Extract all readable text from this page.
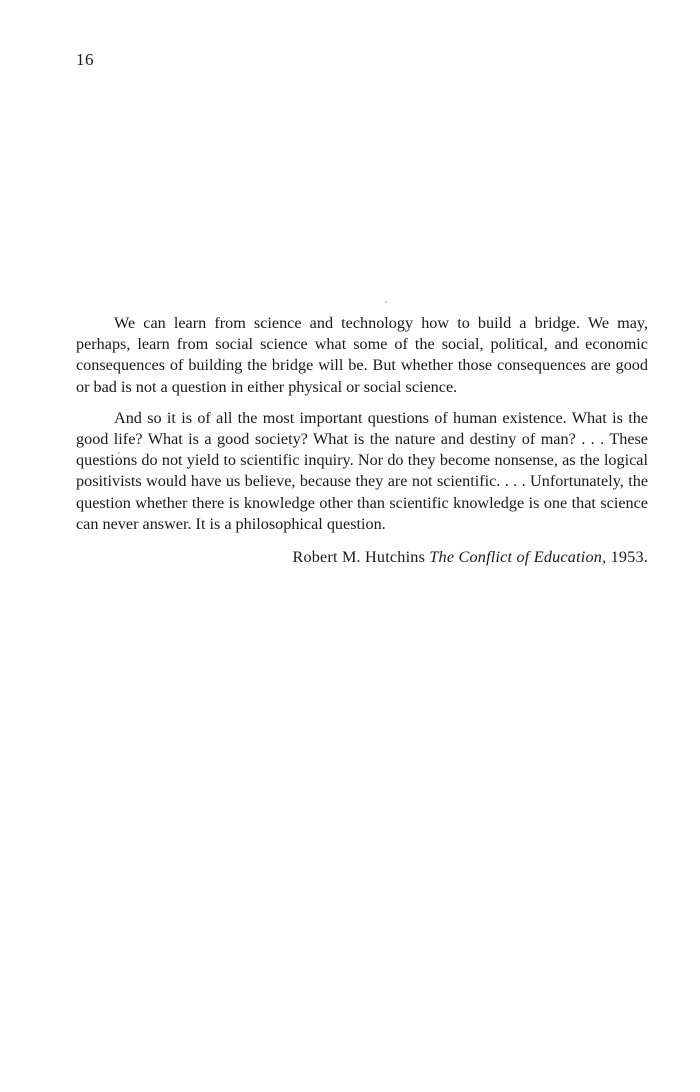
16

We can learn from science and technology how to build a bridge. We may, perhaps, learn from social science what some of the social, political, and economic consequences of building the bridge will be. But whether those consequences are good or bad is not a question in either physical or social science.

And so it is of all the most important questions of human existence. What is the good life? What is a good society? What is the nature and destiny of man? . . . These questions do not yield to scientific inquiry. Nor do they become nonsense, as the logical positivists would have us believe, because they are not scientific. . . . Unfortunately, the question whether there is knowledge other than scientific knowledge is one that science can never answer. It is a philosophical question.

Robert M. Hutchins The Conflict of Education, 1953.
